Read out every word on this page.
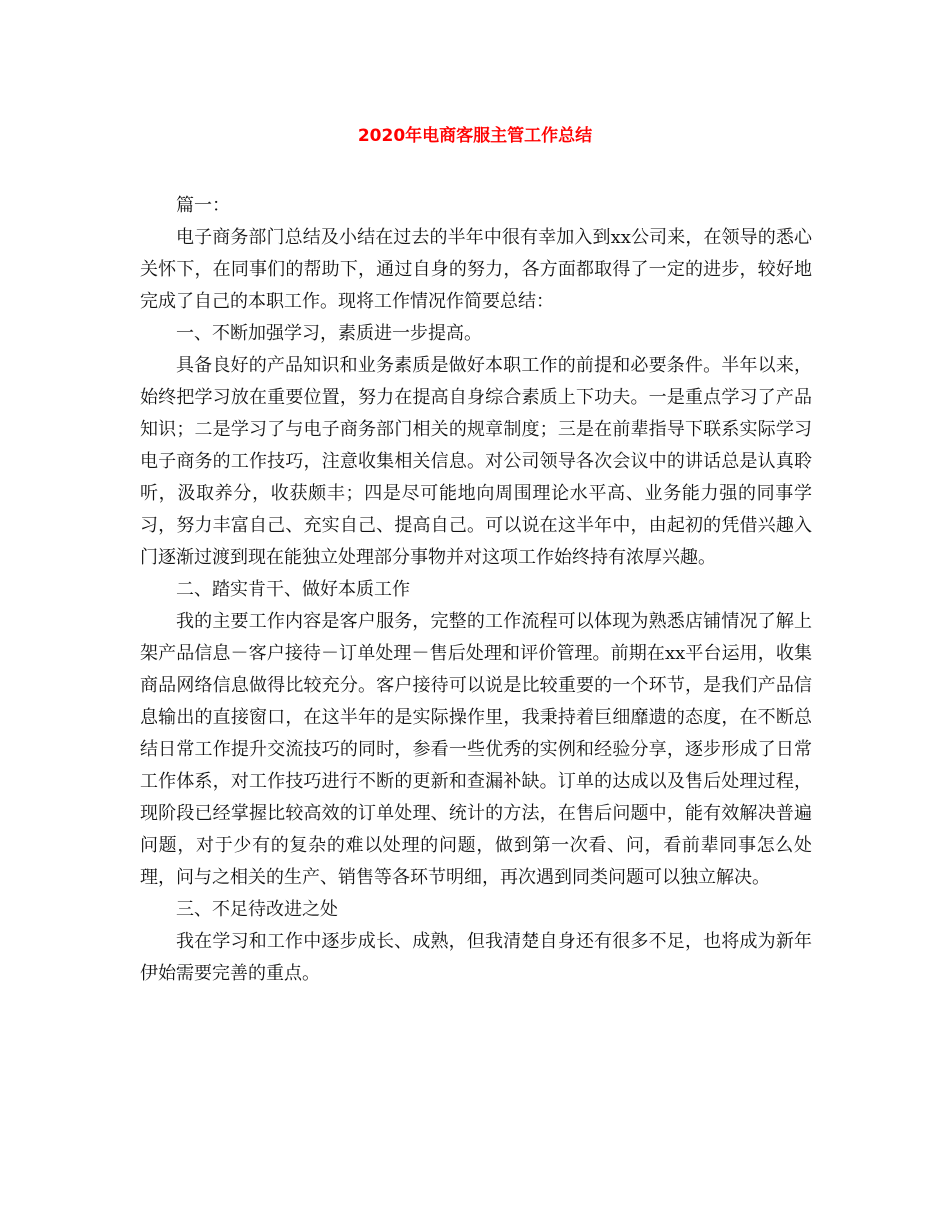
2020年电商客服主管工作总结

篇一：

电子商务部门总结及小结在过去的半年中很有幸加入到xx公司来，在领导的悉心关怀下，在同事们的帮助下，通过自身的努力，各方面都取得了一定的进步，较好地完成了自己的本职工作。现将工作情况作简要总结：

一、不断加强学习，素质进一步提高。

具备良好的产品知识和业务素质是做好本职工作的前提和必要条件。半年以来，始终把学习放在重要位置，努力在提高自身综合素质上下功夫。一是重点学习了产品知识；二是学习了与电子商务部门相关的规章制度；三是在前辈指导下联系实际学习电子商务的工作技巧，注意收集相关信息。对公司领导各次会议中的讲话总是认真聆听，汲取养分，收获颇丰；四是尽可能地向周围理论水平高、业务能力强的同事学习，努力丰富自己、充实自己、提高自己。可以说在这半年中，由起初的凭借兴趣入门逐渐过渡到现在能独立处理部分事物并对这项工作始终持有浓厚兴趣。

二、踏实肯干、做好本质工作

我的主要工作内容是客户服务，完整的工作流程可以体现为熟悉店铺情况了解上架产品信息－客户接待－订单处理－售后处理和评价管理。前期在xx平台运用，收集商品网络信息做得比较充分。客户接待可以说是比较重要的一个环节，是我们产品信息输出的直接窗口，在这半年的是实际操作里，我秉持着巨细靡遗的态度，在不断总结日常工作提升交流技巧的同时，参看一些优秀的实例和经验分享，逐步形成了日常工作体系，对工作技巧进行不断的更新和查漏补缺。订单的达成以及售后处理过程，现阶段已经掌握比较高效的订单处理、统计的方法，在售后问题中，能有效解决普遍问题，对于少有的复杂的难以处理的问题，做到第一次看、问，看前辈同事怎么处理，问与之相关的生产、销售等各环节明细，再次遇到同类问题可以独立解决。

三、不足待改进之处

我在学习和工作中逐步成长、成熟，但我清楚自身还有很多不足，也将成为新年伊始需要完善的重点。
